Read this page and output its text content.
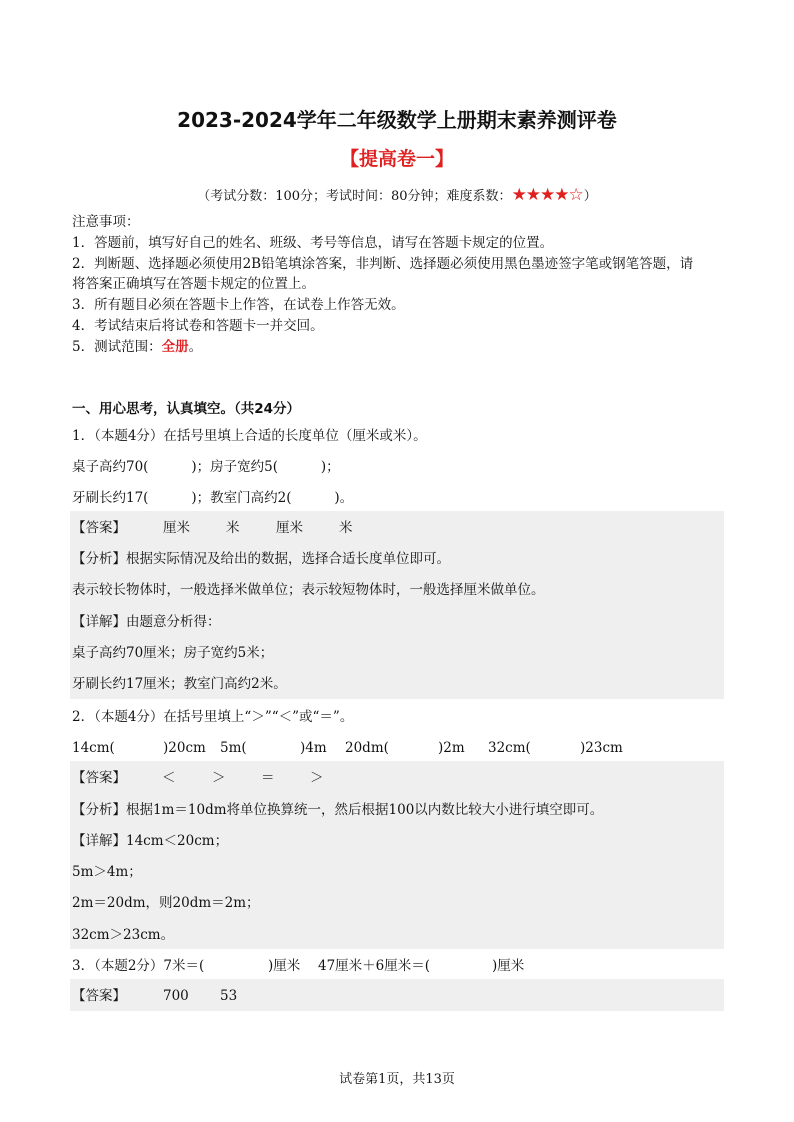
2023-2024学年二年级数学上册期末素养测评卷
【提高卷一】
（考试分数：100分；考试时间：80分钟；难度系数：★★★★☆）
注意事项：
1．答题前，填写好自己的姓名、班级、考号等信息，请写在答题卡规定的位置。
2．判断题、选择题必须使用2B铅笔填涂答案，非判断、选择题必须使用黑色墨迹签字笔或钢笔答题，请
将答案正确填写在答题卡规定的位置上。
3．所有题目必须在答题卡上作答，在试卷上作答无效。
4．考试结束后将试卷和答题卡一并交回。
5．测试范围：全册。
一、用心思考，认真填空。（共24分）
1．（本题4分）在括号里填上合适的长度单位（厘米或米）。
桌子高约70(          )；房子宽约5(          )；
牙刷长约17(          )；教室门高约2(          )。
【答案】	厘米	米	厘米	米
【分析】根据实际情况及给出的数据，选择合适长度单位即可。
表示较长物体时，一般选择米做单位；表示较短物体时，一般选择厘米做单位。
【详解】由题意分析得：
桌子高约70厘米；房子宽约5米；
牙刷长约17厘米；教室门高约2米。
2．（本题4分）在括号里填上“＞”“＜”或“＝”。
14cm(	)20cm 5m(	)4m 20dm(	)2m 32cm(	)23cm
【答案】	＜	＞	＝	＞
【分析】根据1m＝10dm将单位换算统一，然后根据100以内数比较大小进行填空即可。
【详解】14cm＜20cm；
5m＞4m；
2m＝20dm，则20dm＝2m；
32cm＞23cm。
3．（本题2分）7米＝(	)厘米 47厘米＋6厘米＝(	)厘米
【答案】	700 53
试卷第1页，共13页
